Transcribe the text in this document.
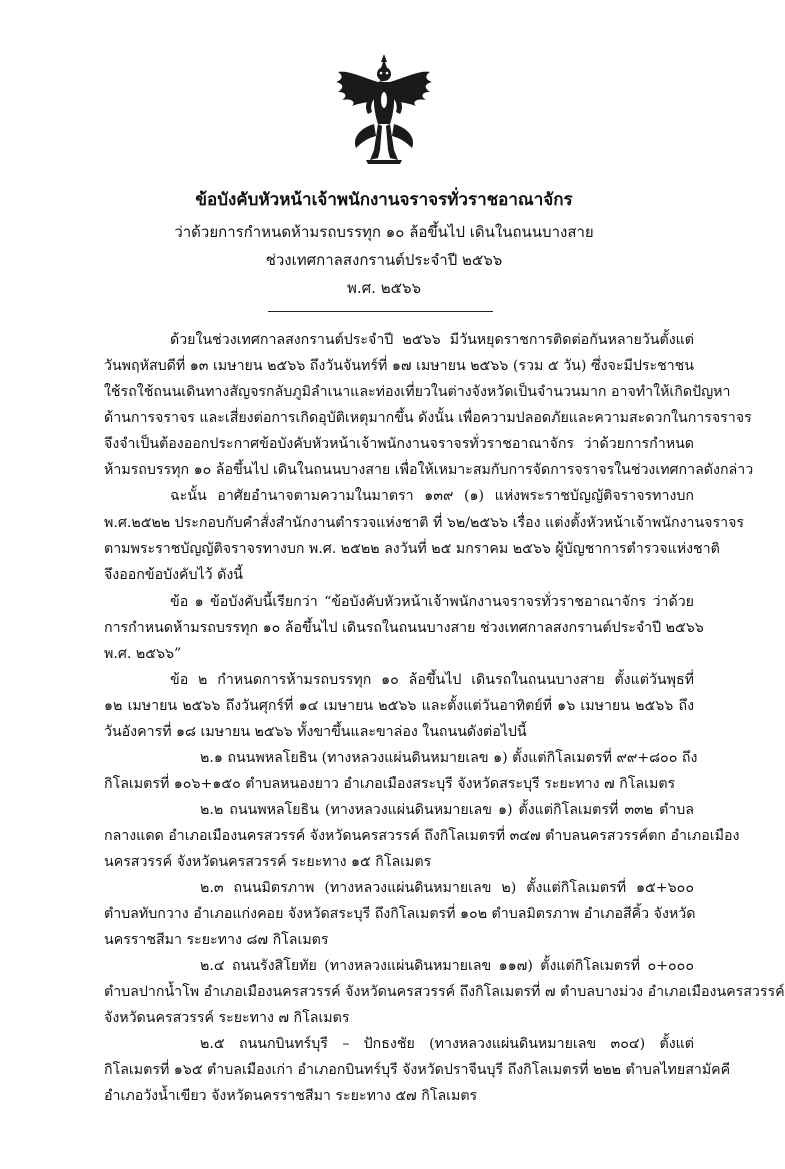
ข้อบังคับหัวหน้าเจ้าพนักงานจราจรทั่วราชอาณาจักร
ว่าด้วยการกำหนดห้ามรถบรรทุก ๑๐ ล้อขึ้นไป เดินในถนนบางสาย
ช่วงเทศกาลสงกรานต์ประจำปี ๒๕๖๖
พ.ศ. ๒๕๖๖
ด้วยในช่วงเทศกาลสงกรานต์ประจำปี ๒๕๖๖ มีวันหยุดราชการติดต่อกันหลายวันตั้งแต่
วันพฤหัสบดีที่ ๑๓ เมษายน ๒๕๖๖ ถึงวันจันทร์ที่ ๑๗ เมษายน ๒๕๖๖ (รวม ๕ วัน) ซึ่งจะมีประชาชน
ใช้รถใช้ถนนเดินทางสัญจรกลับภูมิลำเนาและท่องเที่ยวในต่างจังหวัดเป็นจำนวนมาก อาจทำให้เกิดปัญหา
ด้านการจราจร และเสี่ยงต่อการเกิดอุบัติเหตุมากขึ้น ดังนั้น เพื่อความปลอดภัยและความสะดวกในการจราจร
จึงจำเป็นต้องออกประกาศข้อบังคับหัวหน้าเจ้าพนักงานจราจรทั่วราชอาณาจักร ว่าด้วยการกำหนด
ห้ามรถบรรทุก ๑๐ ล้อขึ้นไป เดินในถนนบางสาย เพื่อให้เหมาะสมกับการจัดการจราจรในช่วงเทศกาลดังกล่าว
ฉะนั้น อาศัยอำนาจตามความในมาตรา ๑๓๙ (๑) แห่งพระราชบัญญัติจราจรทางบก
พ.ศ.๒๕๒๒ ประกอบกับคำสั่งสำนักงานตำรวจแห่งชาติ ที่ ๖๒/๒๕๖๖ เรื่อง แต่งตั้งหัวหน้าเจ้าพนักงานจราจร
ตามพระราชบัญญัติจราจรทางบก พ.ศ. ๒๕๒๒ ลงวันที่ ๒๕ มกราคม ๒๕๖๖ ผู้บัญชาการตำรวจแห่งชาติ
จึงออกข้อบังคับไว้ ดังนี้
ข้อ ๑ ข้อบังคับนี้เรียกว่า “ข้อบังคับหัวหน้าเจ้าพนักงานจราจรทั่วราชอาณาจักร ว่าด้วย
การกำหนดห้ามรถบรรทุก ๑๐ ล้อขึ้นไป เดินรถในถนนบางสาย ช่วงเทศกาลสงกรานต์ประจำปี ๒๕๖๖
พ.ศ. ๒๕๖๖”
ข้อ ๒ กำหนดการห้ามรถบรรทุก ๑๐ ล้อขึ้นไป เดินรถในถนนบางสาย ตั้งแต่วันพุธที่
๑๒ เมษายน ๒๕๖๖ ถึงวันศุกร์ที่ ๑๔ เมษายน ๒๕๖๖ และตั้งแต่วันอาทิตย์ที่ ๑๖ เมษายน ๒๕๖๖ ถึง
วันอังคารที่ ๑๘ เมษายน ๒๕๖๖ ทั้งขาขึ้นและขาล่อง ในถนนดังต่อไปนี้
๒.๑ ถนนพหลโยธิน (ทางหลวงแผ่นดินหมายเลข ๑) ตั้งแต่กิโลเมตรที่ ๙๙+๘๐๐ ถึง
กิโลเมตรที่ ๑๐๖+๑๕๐ ตำบลหนองยาว อำเภอเมืองสระบุรี จังหวัดสระบุรี ระยะทาง ๗ กิโลเมตร
๒.๒ ถนนพหลโยธิน (ทางหลวงแผ่นดินหมายเลข ๑) ตั้งแต่กิโลเมตรที่ ๓๓๒ ตำบล
กลางแดด อำเภอเมืองนครสวรรค์ จังหวัดนครสวรรค์ ถึงกิโลเมตรที่ ๓๔๗ ตำบลนครสวรรค์ตก อำเภอเมือง
นครสวรรค์ จังหวัดนครสวรรค์ ระยะทาง ๑๕ กิโลเมตร
๒.๓ ถนนมิตรภาพ (ทางหลวงแผ่นดินหมายเลข ๒) ตั้งแต่กิโลเมตรที่ ๑๕+๖๐๐
ตำบลทับกวาง อำเภอแก่งคอย จังหวัดสระบุรี ถึงกิโลเมตรที่ ๑๐๒ ตำบลมิตรภาพ อำเภอสีคิ้ว จังหวัด
นครราชสีมา ระยะทาง ๘๗ กิโลเมตร
๒.๔ ถนนรังสิโยทัย (ทางหลวงแผ่นดินหมายเลข ๑๑๗) ตั้งแต่กิโลเมตรที่ ๐+๐๐๐
ตำบลปากน้ำโพ อำเภอเมืองนครสวรรค์ จังหวัดนครสวรรค์ ถึงกิโลเมตรที่ ๗ ตำบลบางม่วง อำเภอเมืองนครสวรรค์
จังหวัดนครสวรรค์ ระยะทาง ๗ กิโลเมตร
๒.๕ ถนนกบินทร์บุรี – ปักธงชัย (ทางหลวงแผ่นดินหมายเลข ๓๐๔) ตั้งแต่
กิโลเมตรที่ ๑๖๕ ตำบลเมืองเก่า อำเภอกบินทร์บุรี จังหวัดปราจีนบุรี ถึงกิโลเมตรที่ ๒๒๒ ตำบลไทยสามัคคี
อำเภอวังน้ำเขียว จังหวัดนครราชสีมา ระยะทาง ๕๗ กิโลเมตร
